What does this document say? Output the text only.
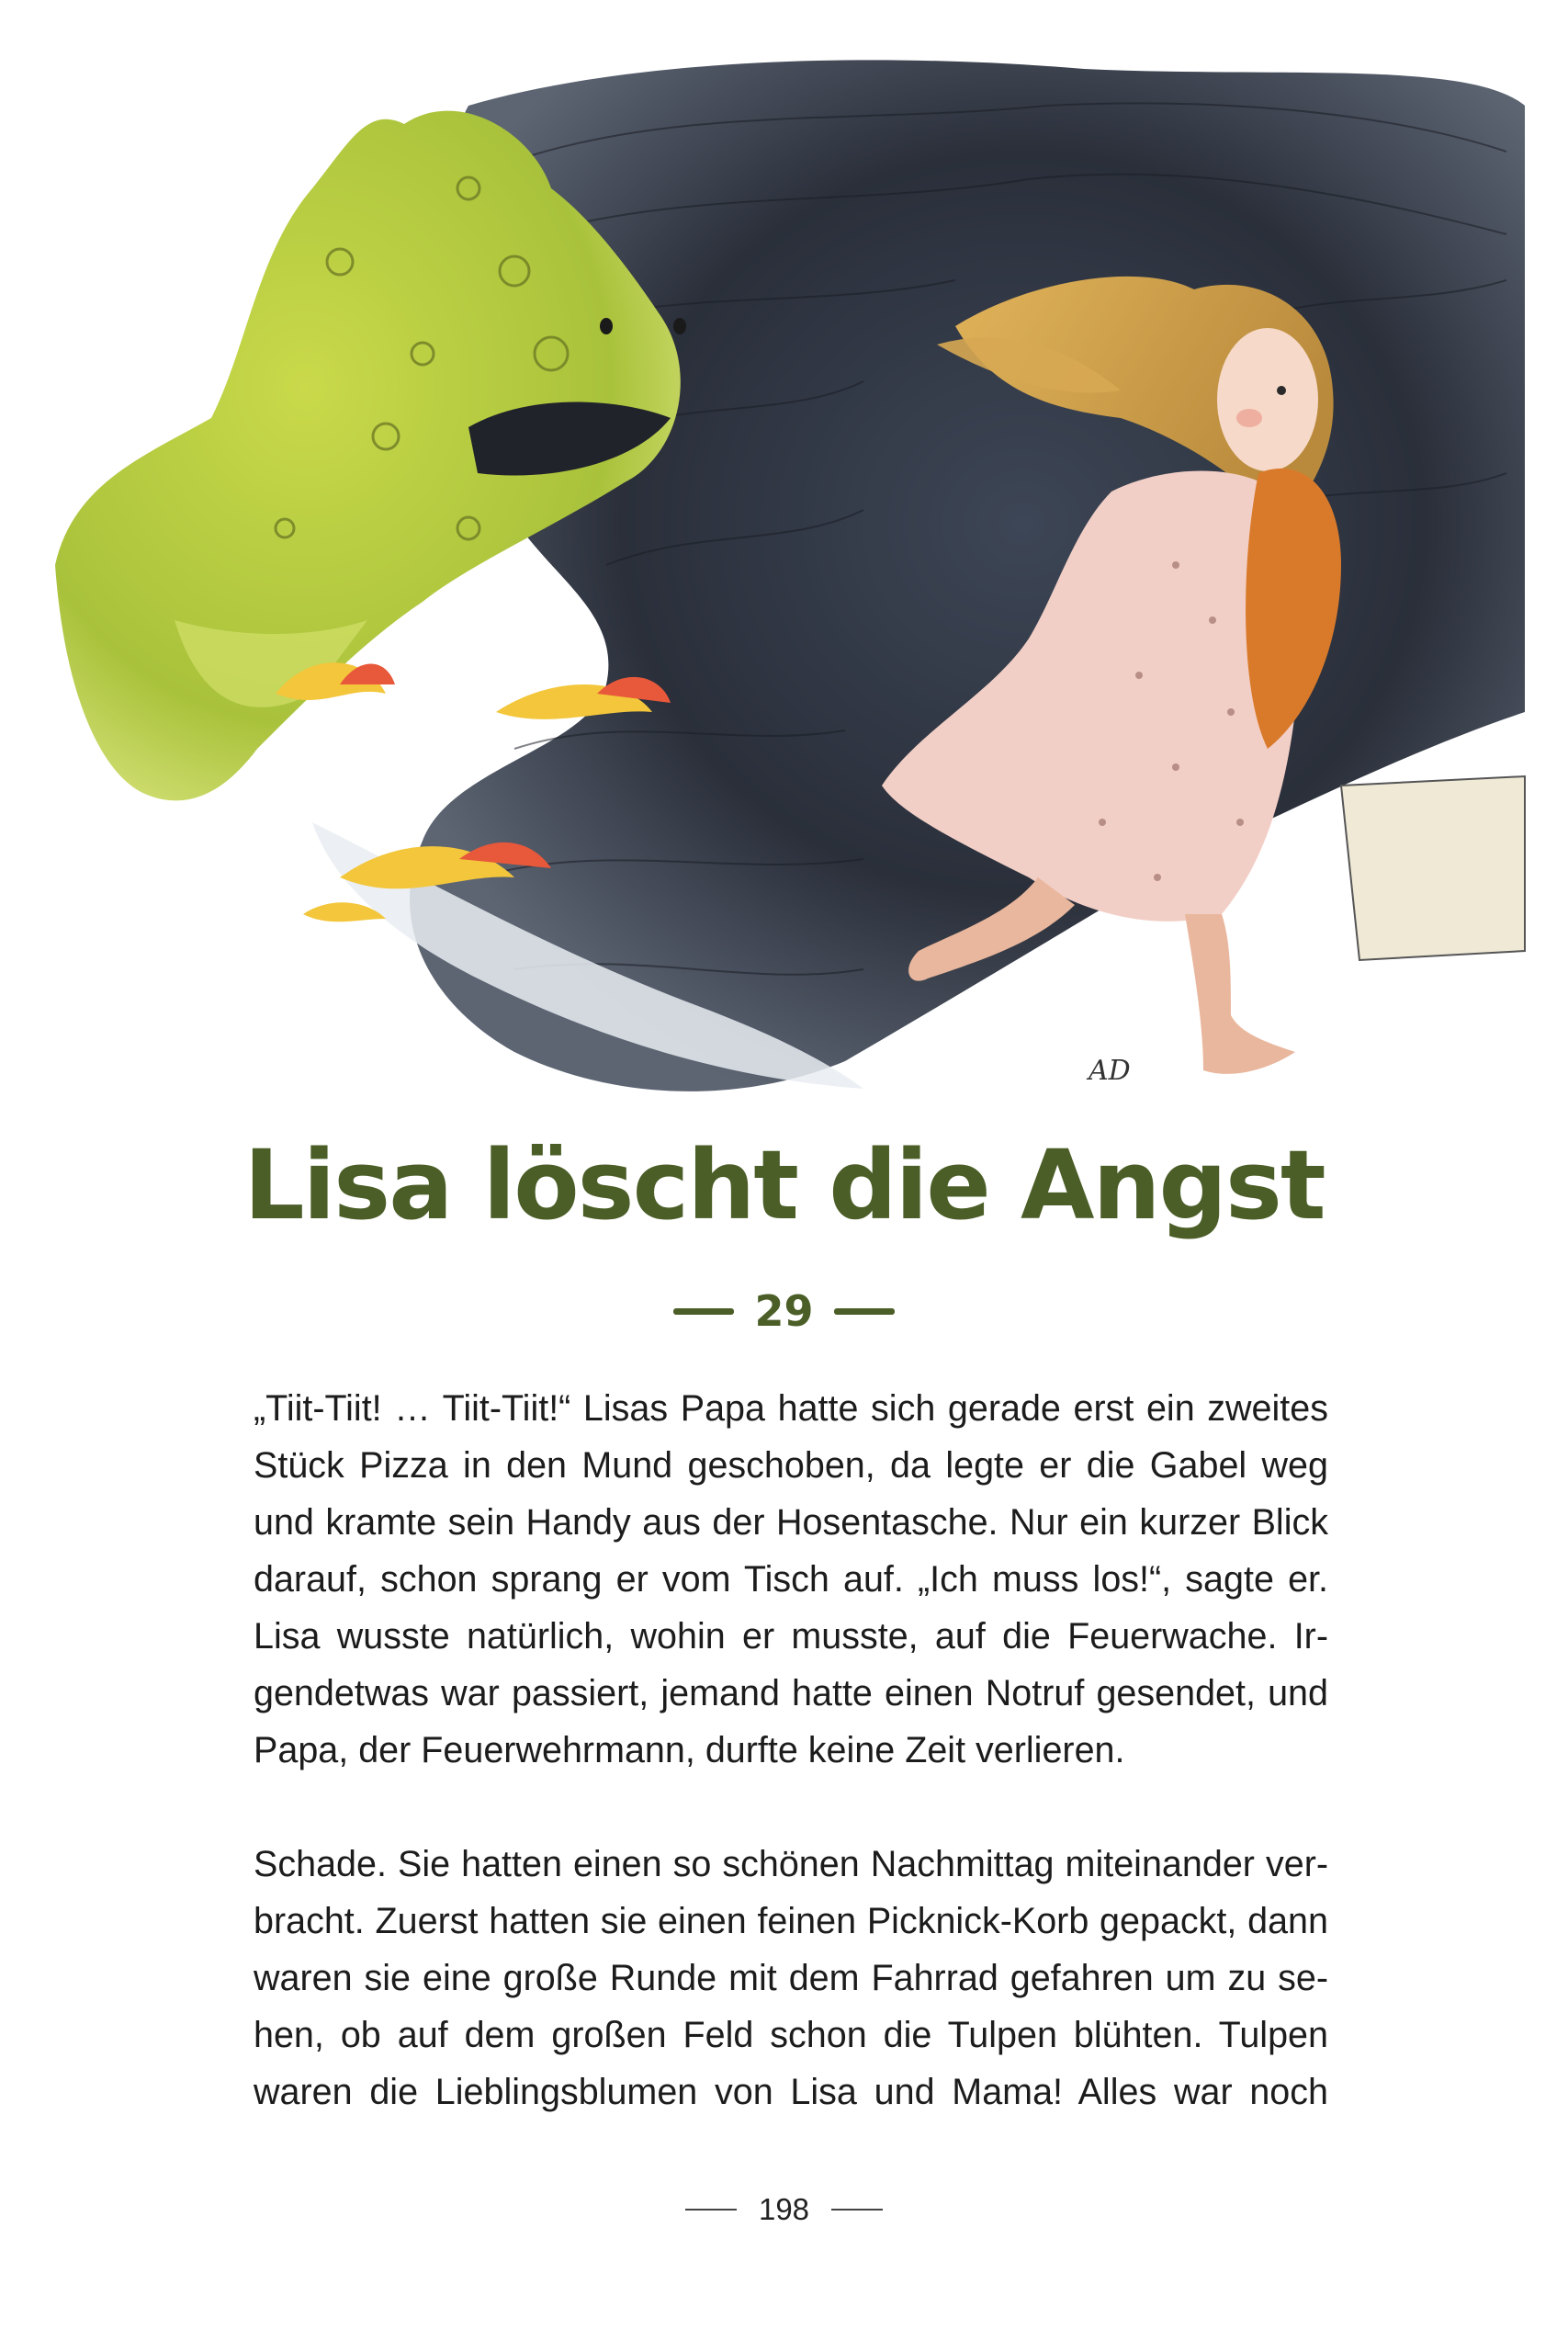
AD
Lisa löscht die Angst
29
„Tiit-Tiit! … Tiit-Tiit!“ Lisas Papa hatte sich gerade erst ein zweites
Stück Pizza in den Mund geschoben, da legte er die Gabel weg
und kramte sein Handy aus der Hosentasche. Nur ein kurzer Blick
darauf, schon sprang er vom Tisch auf. „Ich muss los!“, sagte er.
Lisa wusste natürlich, wohin er musste, auf die Feuerwache. Ir-
gendetwas war passiert, jemand hatte einen Notruf gesendet, und
Papa, der Feuerwehrmann, durfte keine Zeit verlieren.
Schade. Sie hatten einen so schönen Nachmittag miteinander ver-
bracht. Zuerst hatten sie einen feinen Picknick-Korb gepackt, dann
waren sie eine große Runde mit dem Fahrrad gefahren um zu se-
hen, ob auf dem großen Feld schon die Tulpen blühten. Tulpen
waren die Lieblingsblumen von Lisa und Mama! Alles war noch
198
